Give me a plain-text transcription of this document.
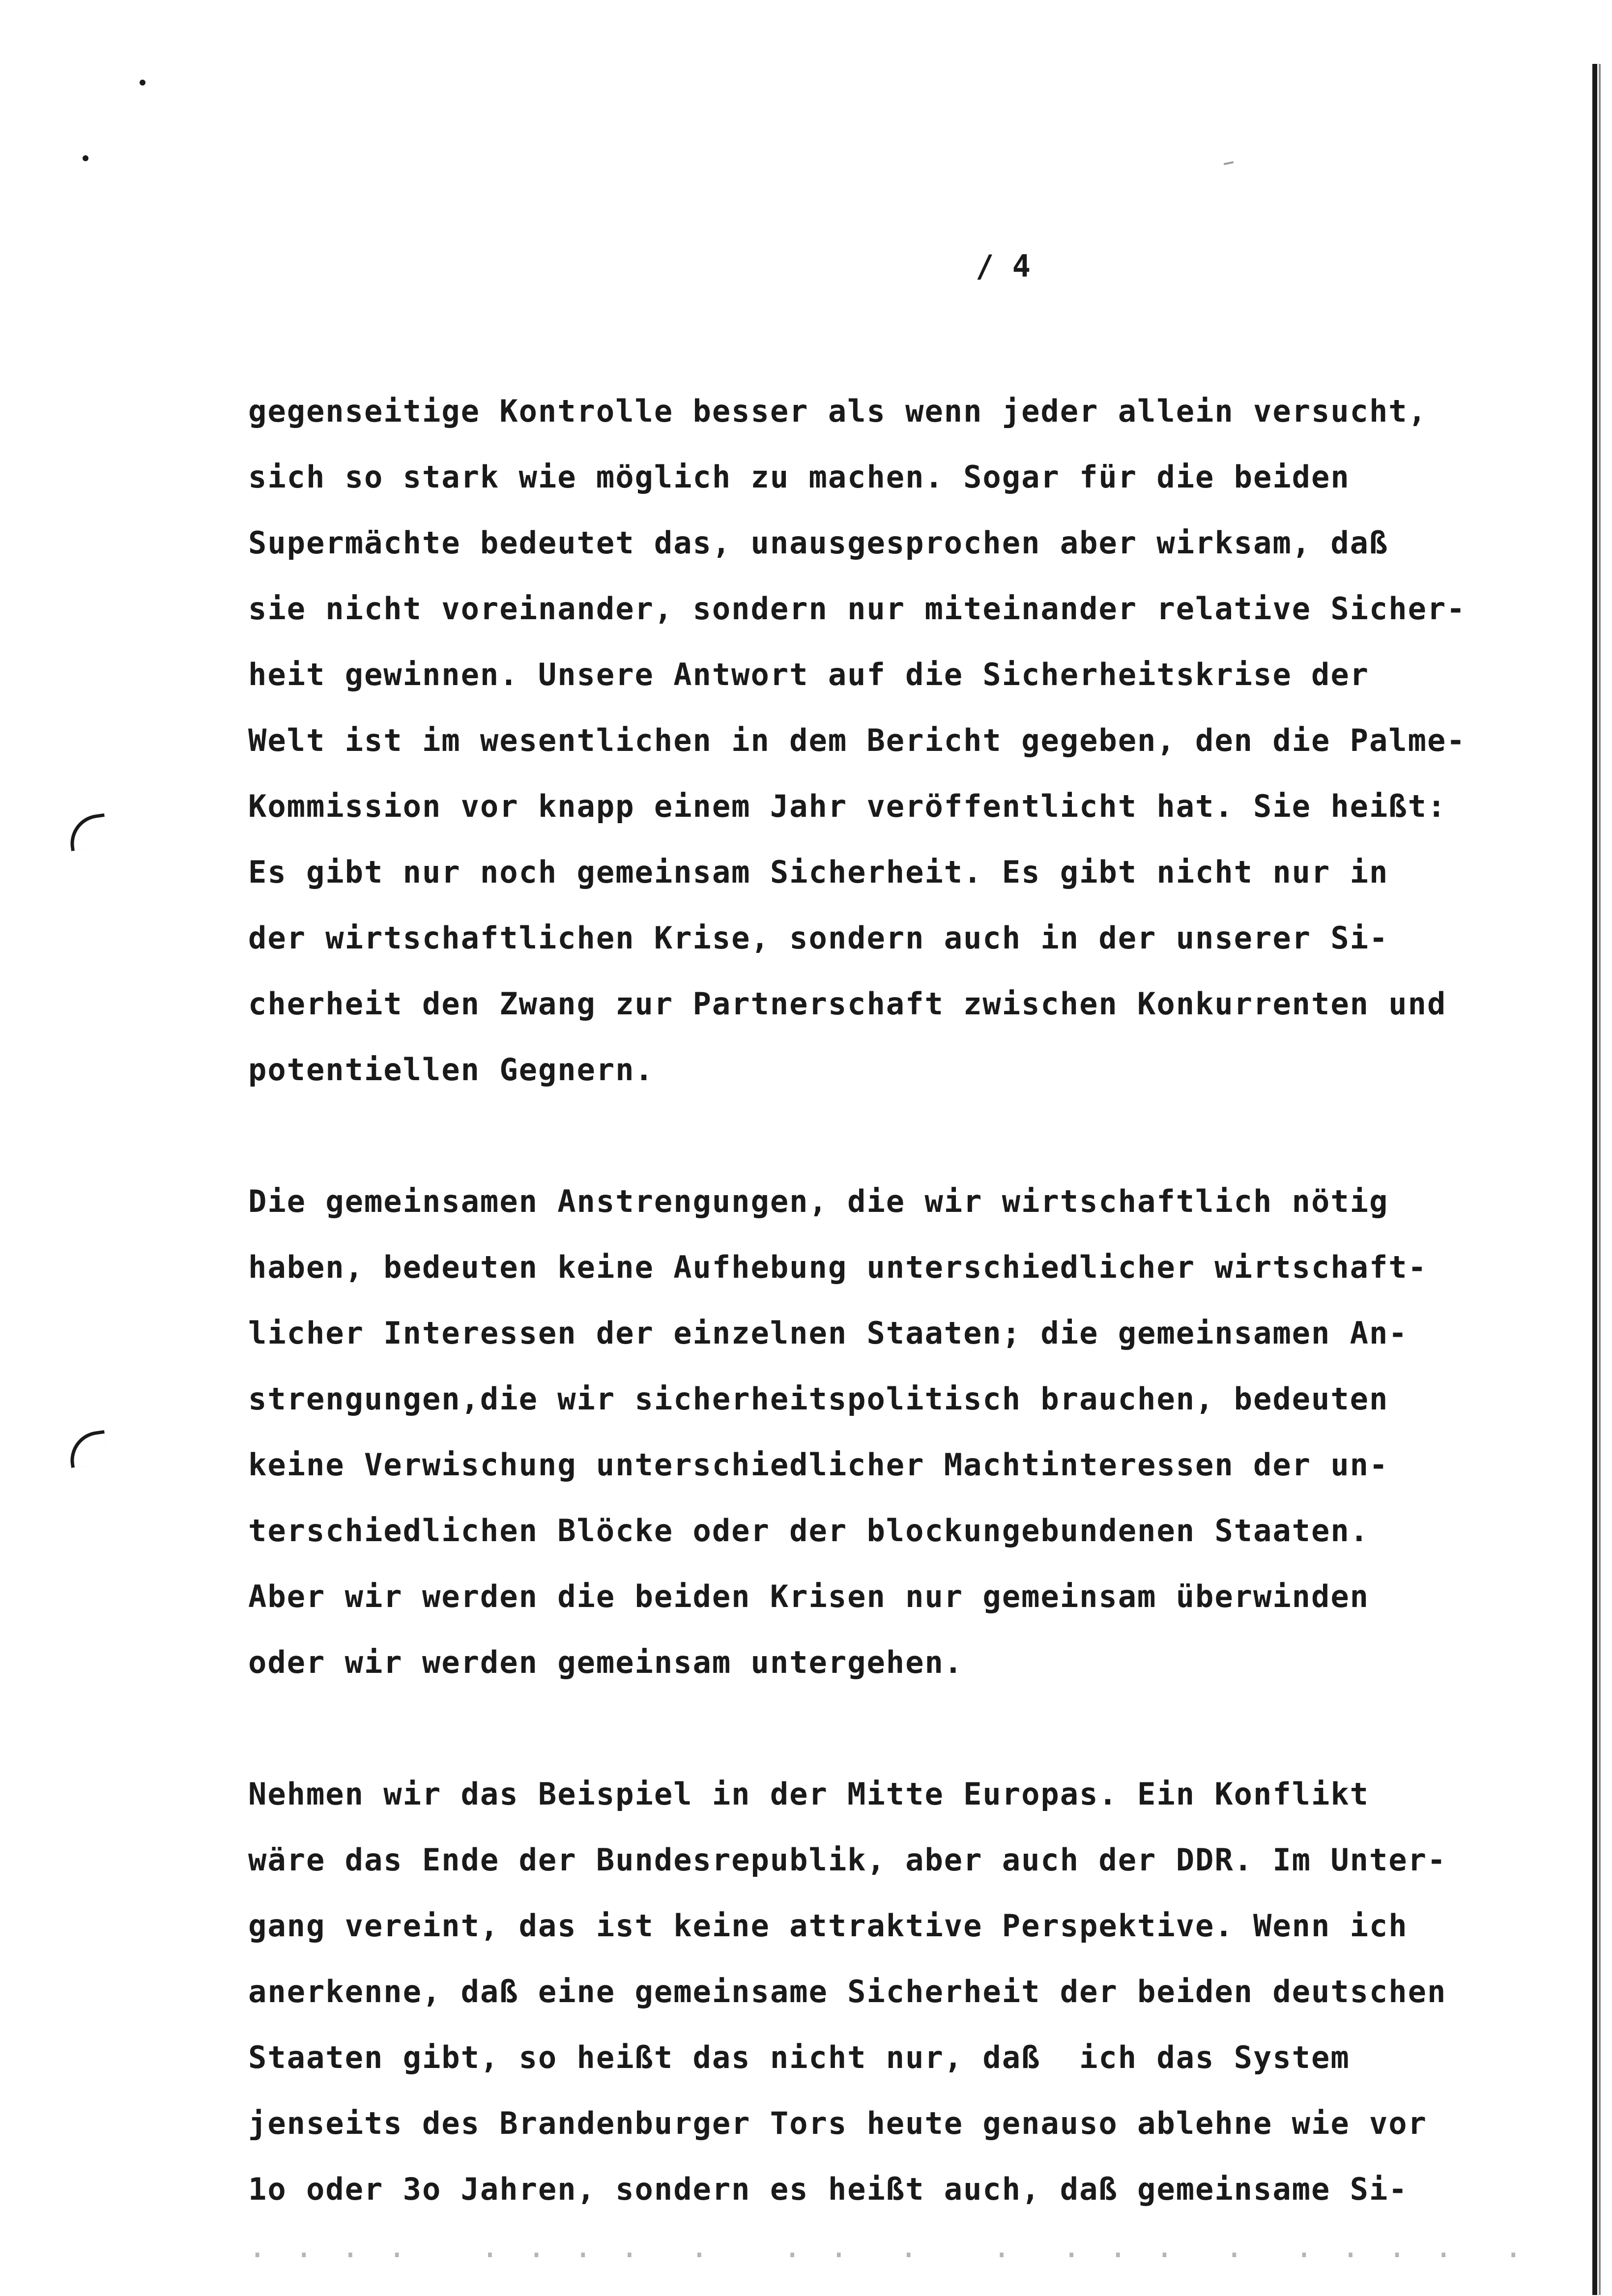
/ 4
gegenseitige Kontrolle besser als wenn jeder allein versucht,
sich so stark wie möglich zu machen. Sogar für die beiden
Supermächte bedeutet das, unausgesprochen aber wirksam, daß
sie nicht voreinander, sondern nur miteinander relative Sicher-
heit gewinnen. Unsere Antwort auf die Sicherheitskrise der
Welt ist im wesentlichen in dem Bericht gegeben, den die Palme-
Kommission vor knapp einem Jahr veröffentlicht hat. Sie heißt:
Es gibt nur noch gemeinsam Sicherheit. Es gibt nicht nur in
der wirtschaftlichen Krise, sondern auch in der unserer Si-
cherheit den Zwang zur Partnerschaft zwischen Konkurrenten und
potentiellen Gegnern.
Die gemeinsamen Anstrengungen, die wir wirtschaftlich nötig
haben, bedeuten keine Aufhebung unterschiedlicher wirtschaft-
licher Interessen der einzelnen Staaten; die gemeinsamen An-
strengungen,die wir sicherheitspolitisch brauchen, bedeuten
keine Verwischung unterschiedlicher Machtinteressen der un-
terschiedlichen Blöcke oder der blockungebundenen Staaten.
Aber wir werden die beiden Krisen nur gemeinsam überwinden
oder wir werden gemeinsam untergehen.
Nehmen wir das Beispiel in der Mitte Europas. Ein Konflikt
wäre das Ende der Bundesrepublik, aber auch der DDR. Im Unter-
gang vereint, das ist keine attraktive Perspektive. Wenn ich
anerkenne, daß eine gemeinsame Sicherheit der beiden deutschen
Staaten gibt, so heißt das nicht nur, daß  ich das System
jenseits des Brandenburger Tors heute genauso ablehne wie vor
1o oder 3o Jahren, sondern es heißt auch, daß gemeinsame Si-
· · · ·   · · · ·  ·   · ·  ·   ·  · · ·  ·  · · · ·  ·
